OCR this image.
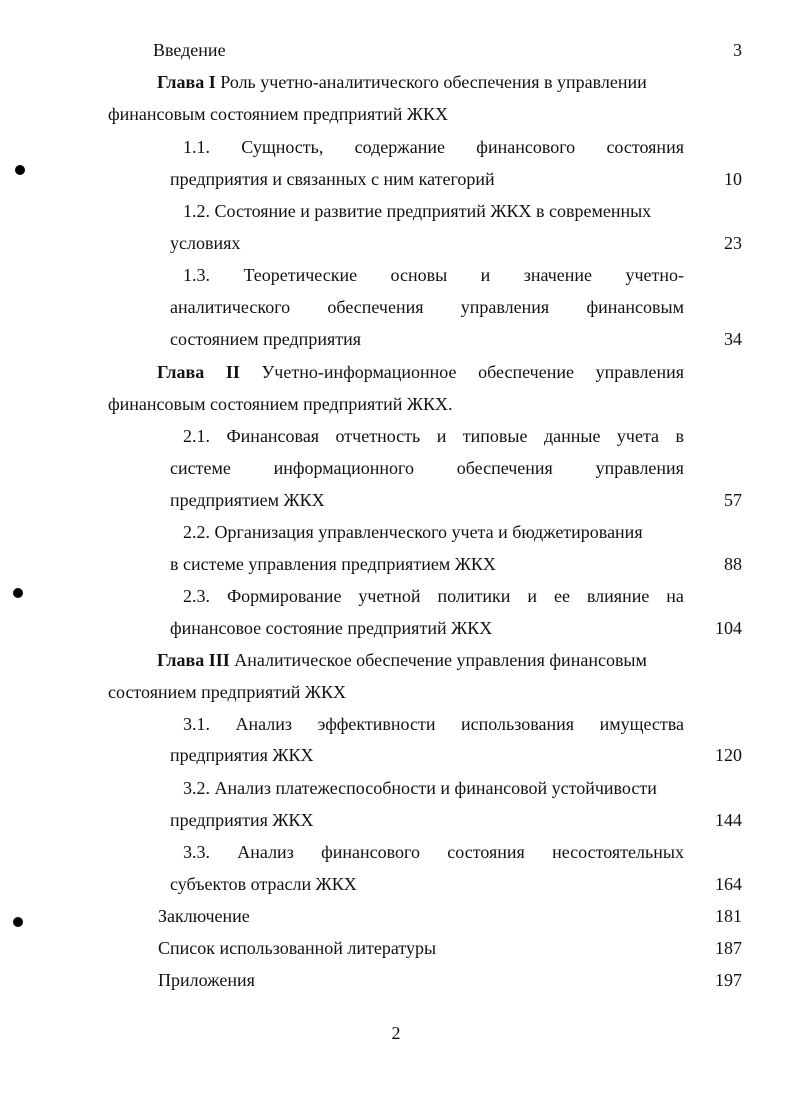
Введение	3
Глава I Роль учетно-аналитического обеспечения в управлении
финансовым состоянием предприятий ЖКХ
1.1. Сущность, содержание финансового состояния
предприятия и связанных с ним категорий	10
1.2. Состояние и развитие предприятий ЖКХ в современных
условиях	23
1.3. Теоретические основы и значение учетно-
аналитического обеспечения управления финансовым
состоянием предприятия	34
Глава II Учетно-информационное обеспечение управления
финансовым состоянием предприятий ЖКХ.
2.1. Финансовая отчетность и типовые данные учета в
системе информационного обеспечения управления
предприятием ЖКХ	57
2.2. Организация управленческого учета и бюджетирования
в системе управления предприятием ЖКХ	88
2.3. Формирование учетной политики и ее влияние на
финансовое состояние предприятий ЖКХ	104
Глава III Аналитическое обеспечение управления финансовым
состоянием предприятий ЖКХ
3.1. Анализ эффективности использования имущества
предприятия ЖКХ	120
3.2. Анализ платежеспособности и финансовой устойчивости
предприятия ЖКХ	144
3.3. Анализ финансового состояния несостоятельных
субъектов отрасли ЖКХ	164
Заключение	181
Список использованной литературы	187
Приложения	197
2
